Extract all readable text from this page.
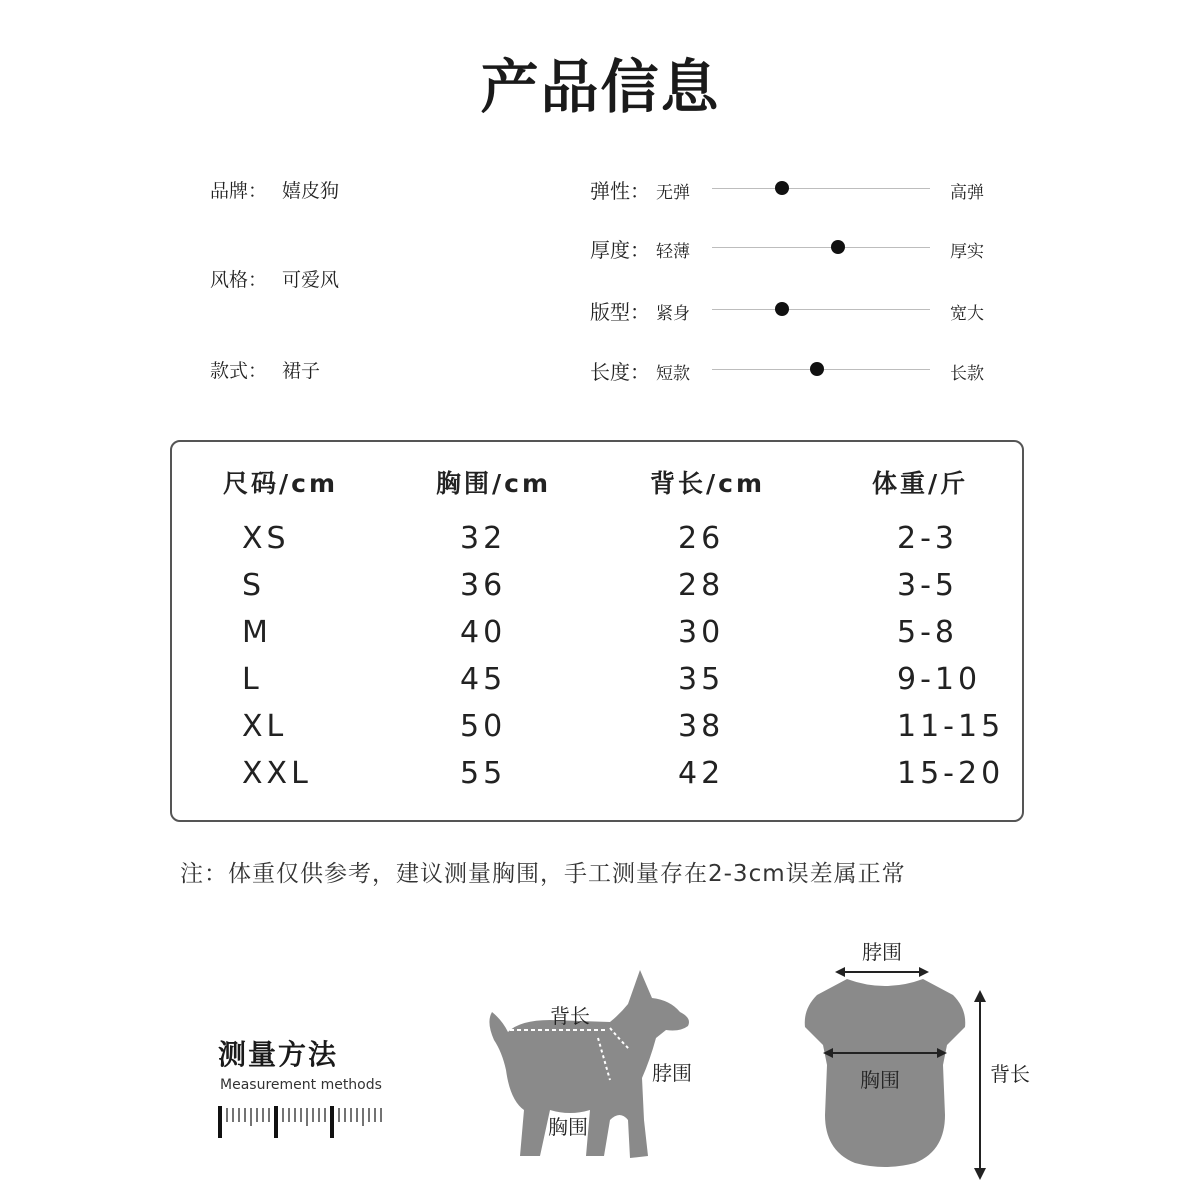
产品信息
品牌： 嬉皮狗
风格： 可爱风
款式： 裙子
弹性： 无弹	高弹
厚度： 轻薄	厚实
版型： 紧身	宽大
长度： 短款	长款
尺码/cm	胸围/cm	背长/cm	体重/斤
XS	32	26	2-3
S	36	28	3-5
M	40	30	5-8
L	45	35	9-10
XL	50	38	11-15
XXL	55	42	15-20
注：体重仅供参考，建议测量胸围，手工测量存在2-3cm误差属正常
测量方法
Measurement methods
背长
脖围
胸围
脖围
胸围	背长
